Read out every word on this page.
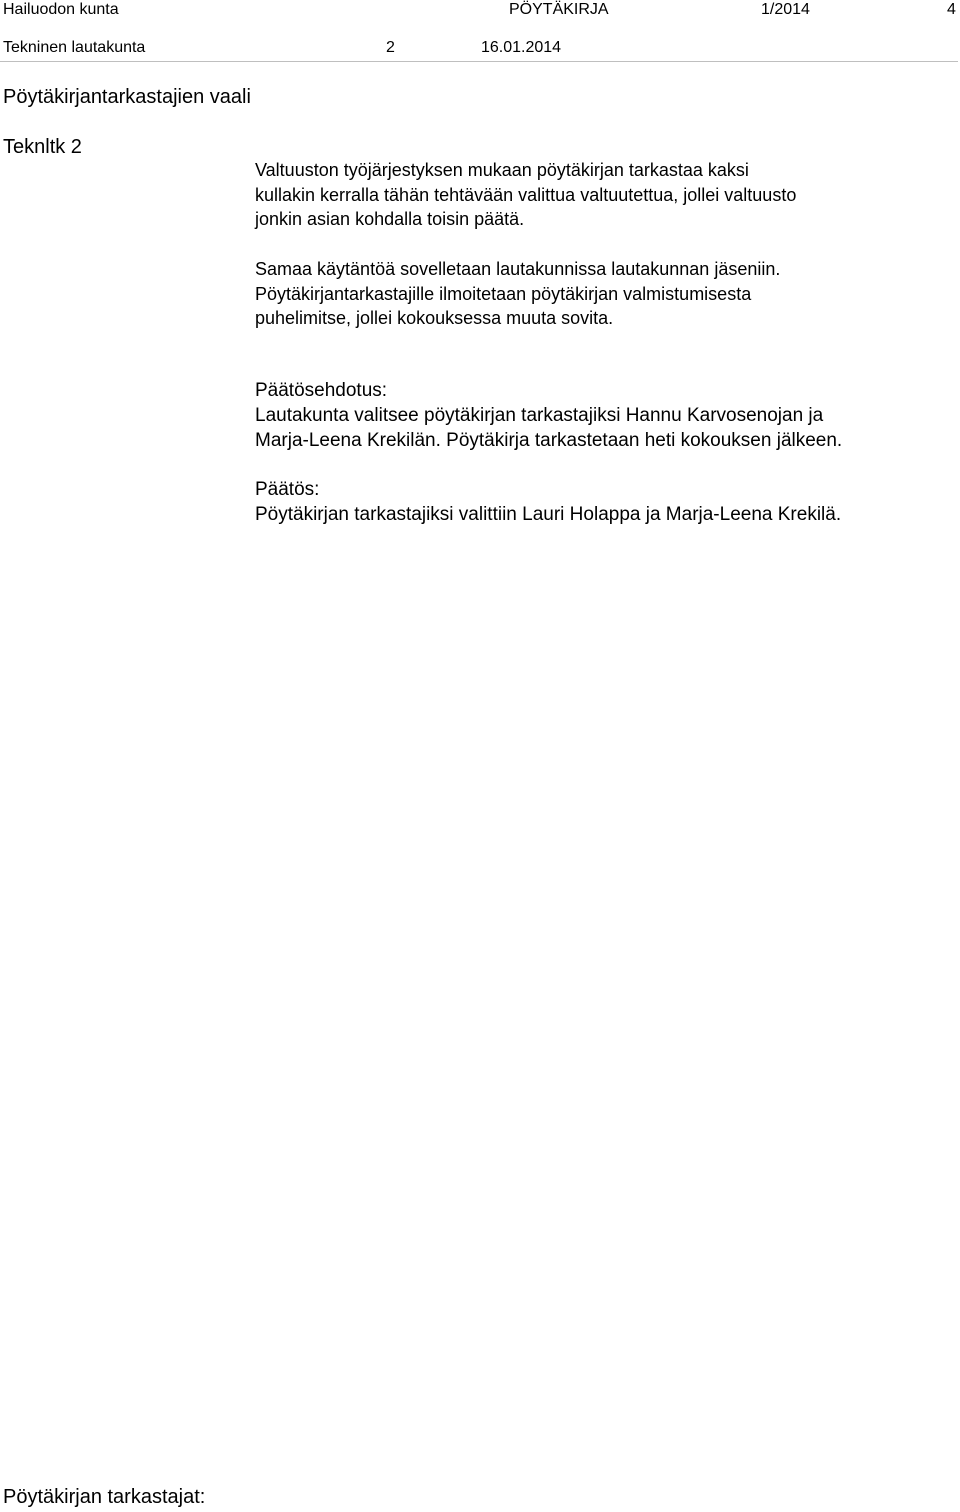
Hailuodon kunta	PÖYTÄKIRJA	1/2014	4
Tekninen lautakunta	2	16.01.2014
Pöytäkirjantarkastajien vaali
Teknltk 2

Valtuuston työjärjestyksen mukaan pöytäkirjan tarkastaa kaksi
kullakin kerralla tähän tehtävään valittua valtuutettua, jollei valtuusto
jonkin asian kohdalla toisin päätä.

Samaa käytäntöä sovelletaan lautakunnissa lautakunnan jäseniin.
Pöytäkirjantarkastajille ilmoitetaan pöytäkirjan valmistumisesta
puhelimitse, jollei kokouksessa muuta sovita.

Päätösehdotus:
Lautakunta valitsee pöytäkirjan tarkastajiksi Hannu Karvosenojan ja
Marja-Leena Krekilän. Pöytäkirja tarkastetaan heti kokouksen jälkeen.

Päätös:
Pöytäkirjan tarkastajiksi valittiin Lauri Holappa ja Marja-Leena Krekilä.

Pöytäkirjan tarkastajat:
